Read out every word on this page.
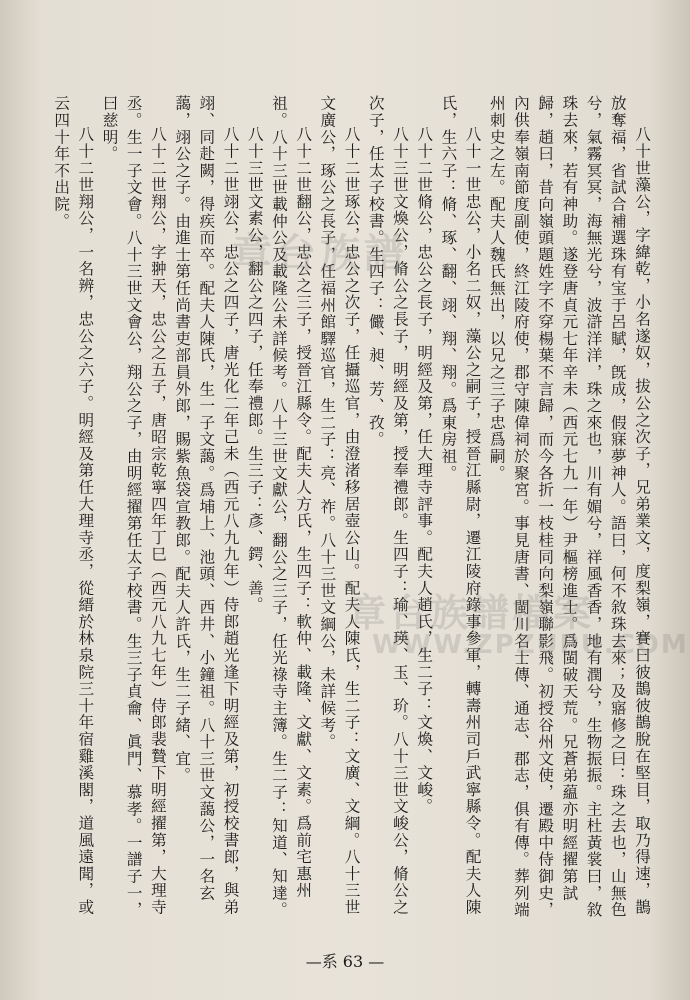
八十世藻公，字緯乾，小名遂奴，拔公之次子，兄弟業文，度梨嶺，賽曰彼鵲彼鵲脫在堅目，取乃得速，鵲放奪福，省試合補選珠有宝于呂賦，旣成，假寐夢神人。語曰，何不敘珠去來；及寤修之曰：珠之去也，山無色兮，氣霧冥冥，海無光兮，波滸洋洋，珠之來也，川有媚兮，祥風香香，地有潤兮，生物振振。主杜黃裳曰，敘珠去來，若有神助。遂登唐貞元七年辛未（西元七九一年）尹樞榜進士。爲閩破天荒。兄蒼弟藴亦明經擢第試歸，趙曰，昔向嶺頭題姓字不穿楊葉不言歸，而今各折一枝桂同向梨嶺聯影飛。初授谷州文使，遷殿中侍御史，內供奉嶺南節度副使，終江陵府使，郡守陳偉祠於聚宮。事見唐書、閩川名士傳、通志、郡志，俱有傳。葬列端州刺史之左。配夫人魏氏無出，以兄之三子忠爲嗣。

八十一世忠公，小名二奴，藻公之嗣子，授晉江縣尉，遷江陵府錄事參軍，轉壽州司戶武寧縣令。配夫人陳氏，生六子：脩、琢、翻、翊、翔、翔。爲東房祖。

八十二世脩公，忠公之長子，明經及第，任大理寺評事。配夫人趙氏，生二子：文煥、文峻。

八十三世文煥公，脩公之長子，明經及第，授奉禮郎。生四子：瑜、瑛、玉、玠。八十三世文峻公，脩公之次子，任太子校書。生四子：儼、昶、芳、孜。

八十二世琢公，忠公之次子，任攝巡官，由澄渚移居壺公山。配夫人陳氏，生二子：文廣、文綱。八十三世文廣公，琢公之長子，任福州館驛巡官，生二子：亮、祚。八十三世文綱公，未詳候考。

八十二世翻公，忠公之三子，授晉江縣令。配夫人方氏，生四子：軟仲、載隆、文獻、文素。爲前宅惠州祖。八十三世載仲公及載隆公未詳候考。八十三世文獻公，翻公之三子，任光祿寺主簿。生二子：知道、知達。

八十三世文素公，翻公之四子，任奉禮郎。生三子：彥、鍔、善。

八十二世翊公，忠公之四子，唐光化二年己未（西元八九九年）侍郎趙光逢下明經及第，初授校書郎，與弟翊、同赴闕，得疾而卒。配夫人陳氏，生一子文藹。爲埔上、池頭、西井、小鐘祖。八十三世文藹公，一名玄藹，翊公之子。由進士第任尚書吏部員外郎，賜紫魚袋宣教郎。配夫人許氏，生二子緒、宜。

八十二世翔公，字翀天，忠公之五子，唐昭宗乾寧四年丁巳（西元八九七年）侍郎裴贄下明經擢第，大理寺丞。生一子文會。八十三世文會公，翔公之子，由明經擢第任太子校書。生三子貞龠、眞門、慕孝。一譜子一，曰慈明。

八十二世翔公，一名辨，忠公之六子。明經及第任大理寺丞，從縉於林泉院三十年宿雞溪閣，道風遠聞，或云四十年不出院。

章台族譜
章台族譜檔案
WWW.ZPZUPU.COM
—系 63 —
